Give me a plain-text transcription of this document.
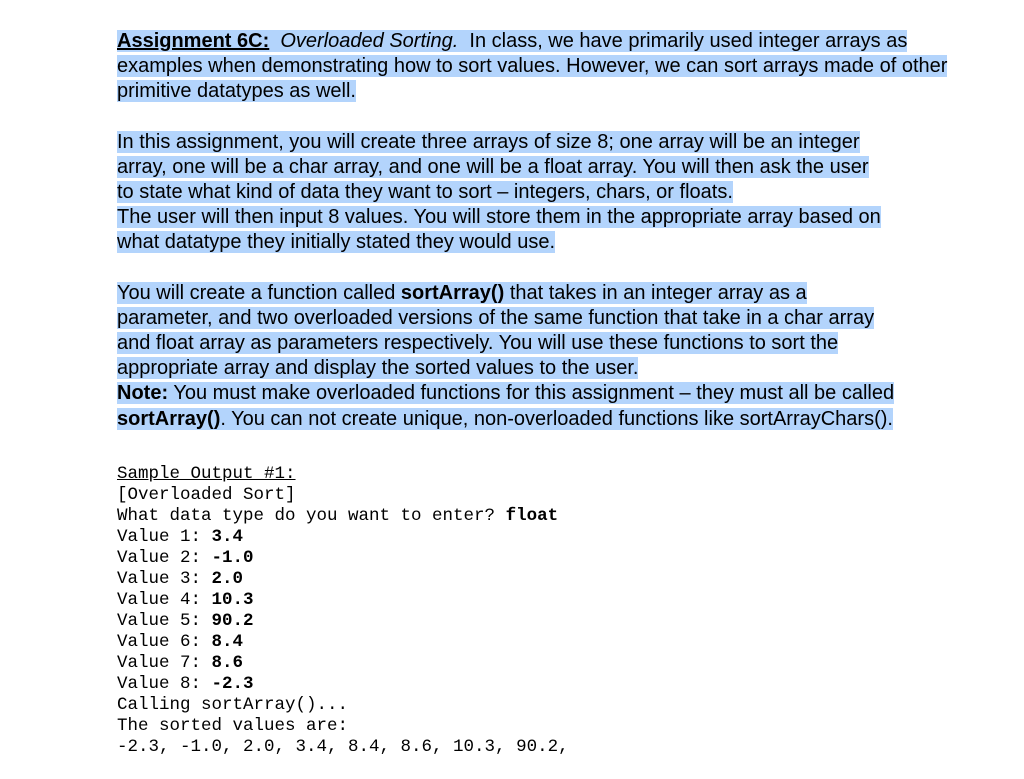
Assignment 6C: Overloaded Sorting. In class, we have primarily used integer arrays as examples when demonstrating how to sort values. However, we can sort arrays made of other primitive datatypes as well.

In this assignment, you will create three arrays of size 8; one array will be an integer
array, one will be a char array, and one will be a float array. You will then ask the user
to state what kind of data they want to sort – integers, chars, or floats.
The user will then input 8 values. You will store them in the appropriate array based on
what datatype they initially stated they would use.

You will create a function called sortArray() that takes in an integer array as a
parameter, and two overloaded versions of the same function that take in a char array
and float array as parameters respectively. You will use these functions to sort the
appropriate array and display the sorted values to the user.
Note: You must make overloaded functions for this assignment – they must all be called
sortArray(). You can not create unique, non-overloaded functions like sortArrayChars().

Sample Output #1:
[Overloaded Sort]
What data type do you want to enter? float
Value 1: 3.4
Value 2: -1.0
Value 3: 2.0
Value 4: 10.3
Value 5: 90.2
Value 6: 8.4
Value 7: 8.6
Value 8: -2.3
Calling sortArray()...
The sorted values are:
-2.3, -1.0, 2.0, 3.4, 8.4, 8.6, 10.3, 90.2,
